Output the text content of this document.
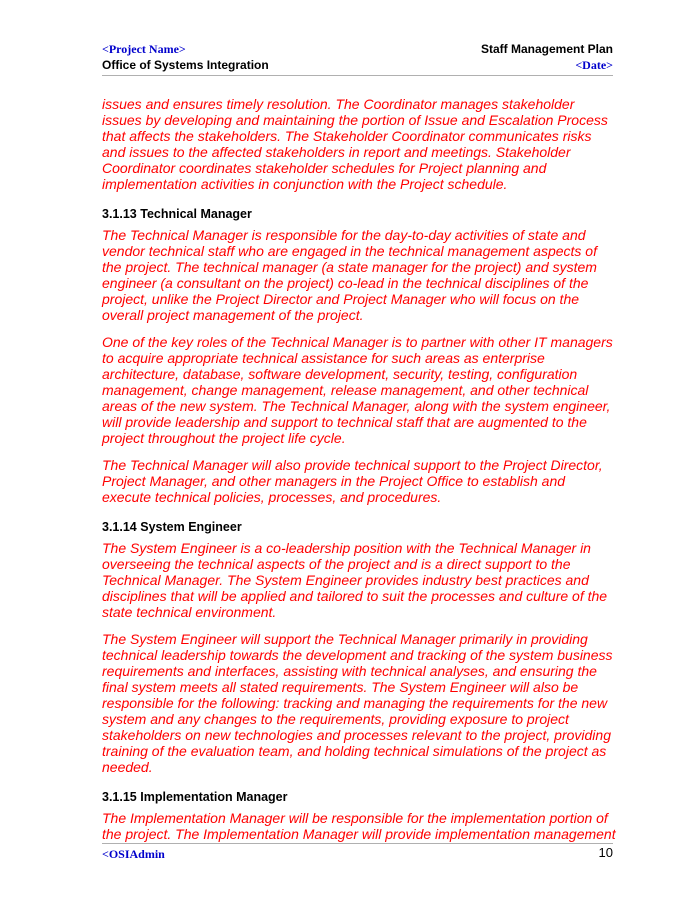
<Project Name>	Staff Management Plan
Office of Systems Integration	<Date>

issues and ensures timely resolution. The Coordinator manages stakeholder issues by developing and maintaining the portion of Issue and Escalation Process that affects the stakeholders. The Stakeholder Coordinator communicates risks and issues to the affected stakeholders in report and meetings. Stakeholder Coordinator coordinates stakeholder schedules for Project planning and implementation activities in conjunction with the Project schedule.

3.1.13 Technical Manager

The Technical Manager is responsible for the day-to-day activities of state and vendor technical staff who are engaged in the technical management aspects of the project. The technical manager (a state manager for the project) and system engineer (a consultant on the project) co-lead in the technical disciplines of the project, unlike the Project Director and Project Manager who will focus on the overall project management of the project.

One of the key roles of the Technical Manager is to partner with other IT managers to acquire appropriate technical assistance for such areas as enterprise architecture, database, software development, security, testing, configuration management, change management, release management, and other technical areas of the new system. The Technical Manager, along with the system engineer, will provide leadership and support to technical staff that are augmented to the project throughout the project life cycle.

The Technical Manager will also provide technical support to the Project Director, Project Manager, and other managers in the Project Office to establish and execute technical policies, processes, and procedures.

3.1.14 System Engineer

The System Engineer is a co-leadership position with the Technical Manager in overseeing the technical aspects of the project and is a direct support to the Technical Manager. The System Engineer provides industry best practices and disciplines that will be applied and tailored to suit the processes and culture of the state technical environment.

The System Engineer will support the Technical Manager primarily in providing technical leadership towards the development and tracking of the system business requirements and interfaces, assisting with technical analyses, and ensuring the final system meets all stated requirements. The System Engineer will also be responsible for the following: tracking and managing the requirements for the new system and any changes to the requirements, providing exposure to project stakeholders on new technologies and processes relevant to the project, providing training of the evaluation team, and holding technical simulations of the project as needed.

3.1.15 Implementation Manager

The Implementation Manager will be responsible for the implementation portion of the project. The Implementation Manager will provide implementation management

<OSIAdmin	10
